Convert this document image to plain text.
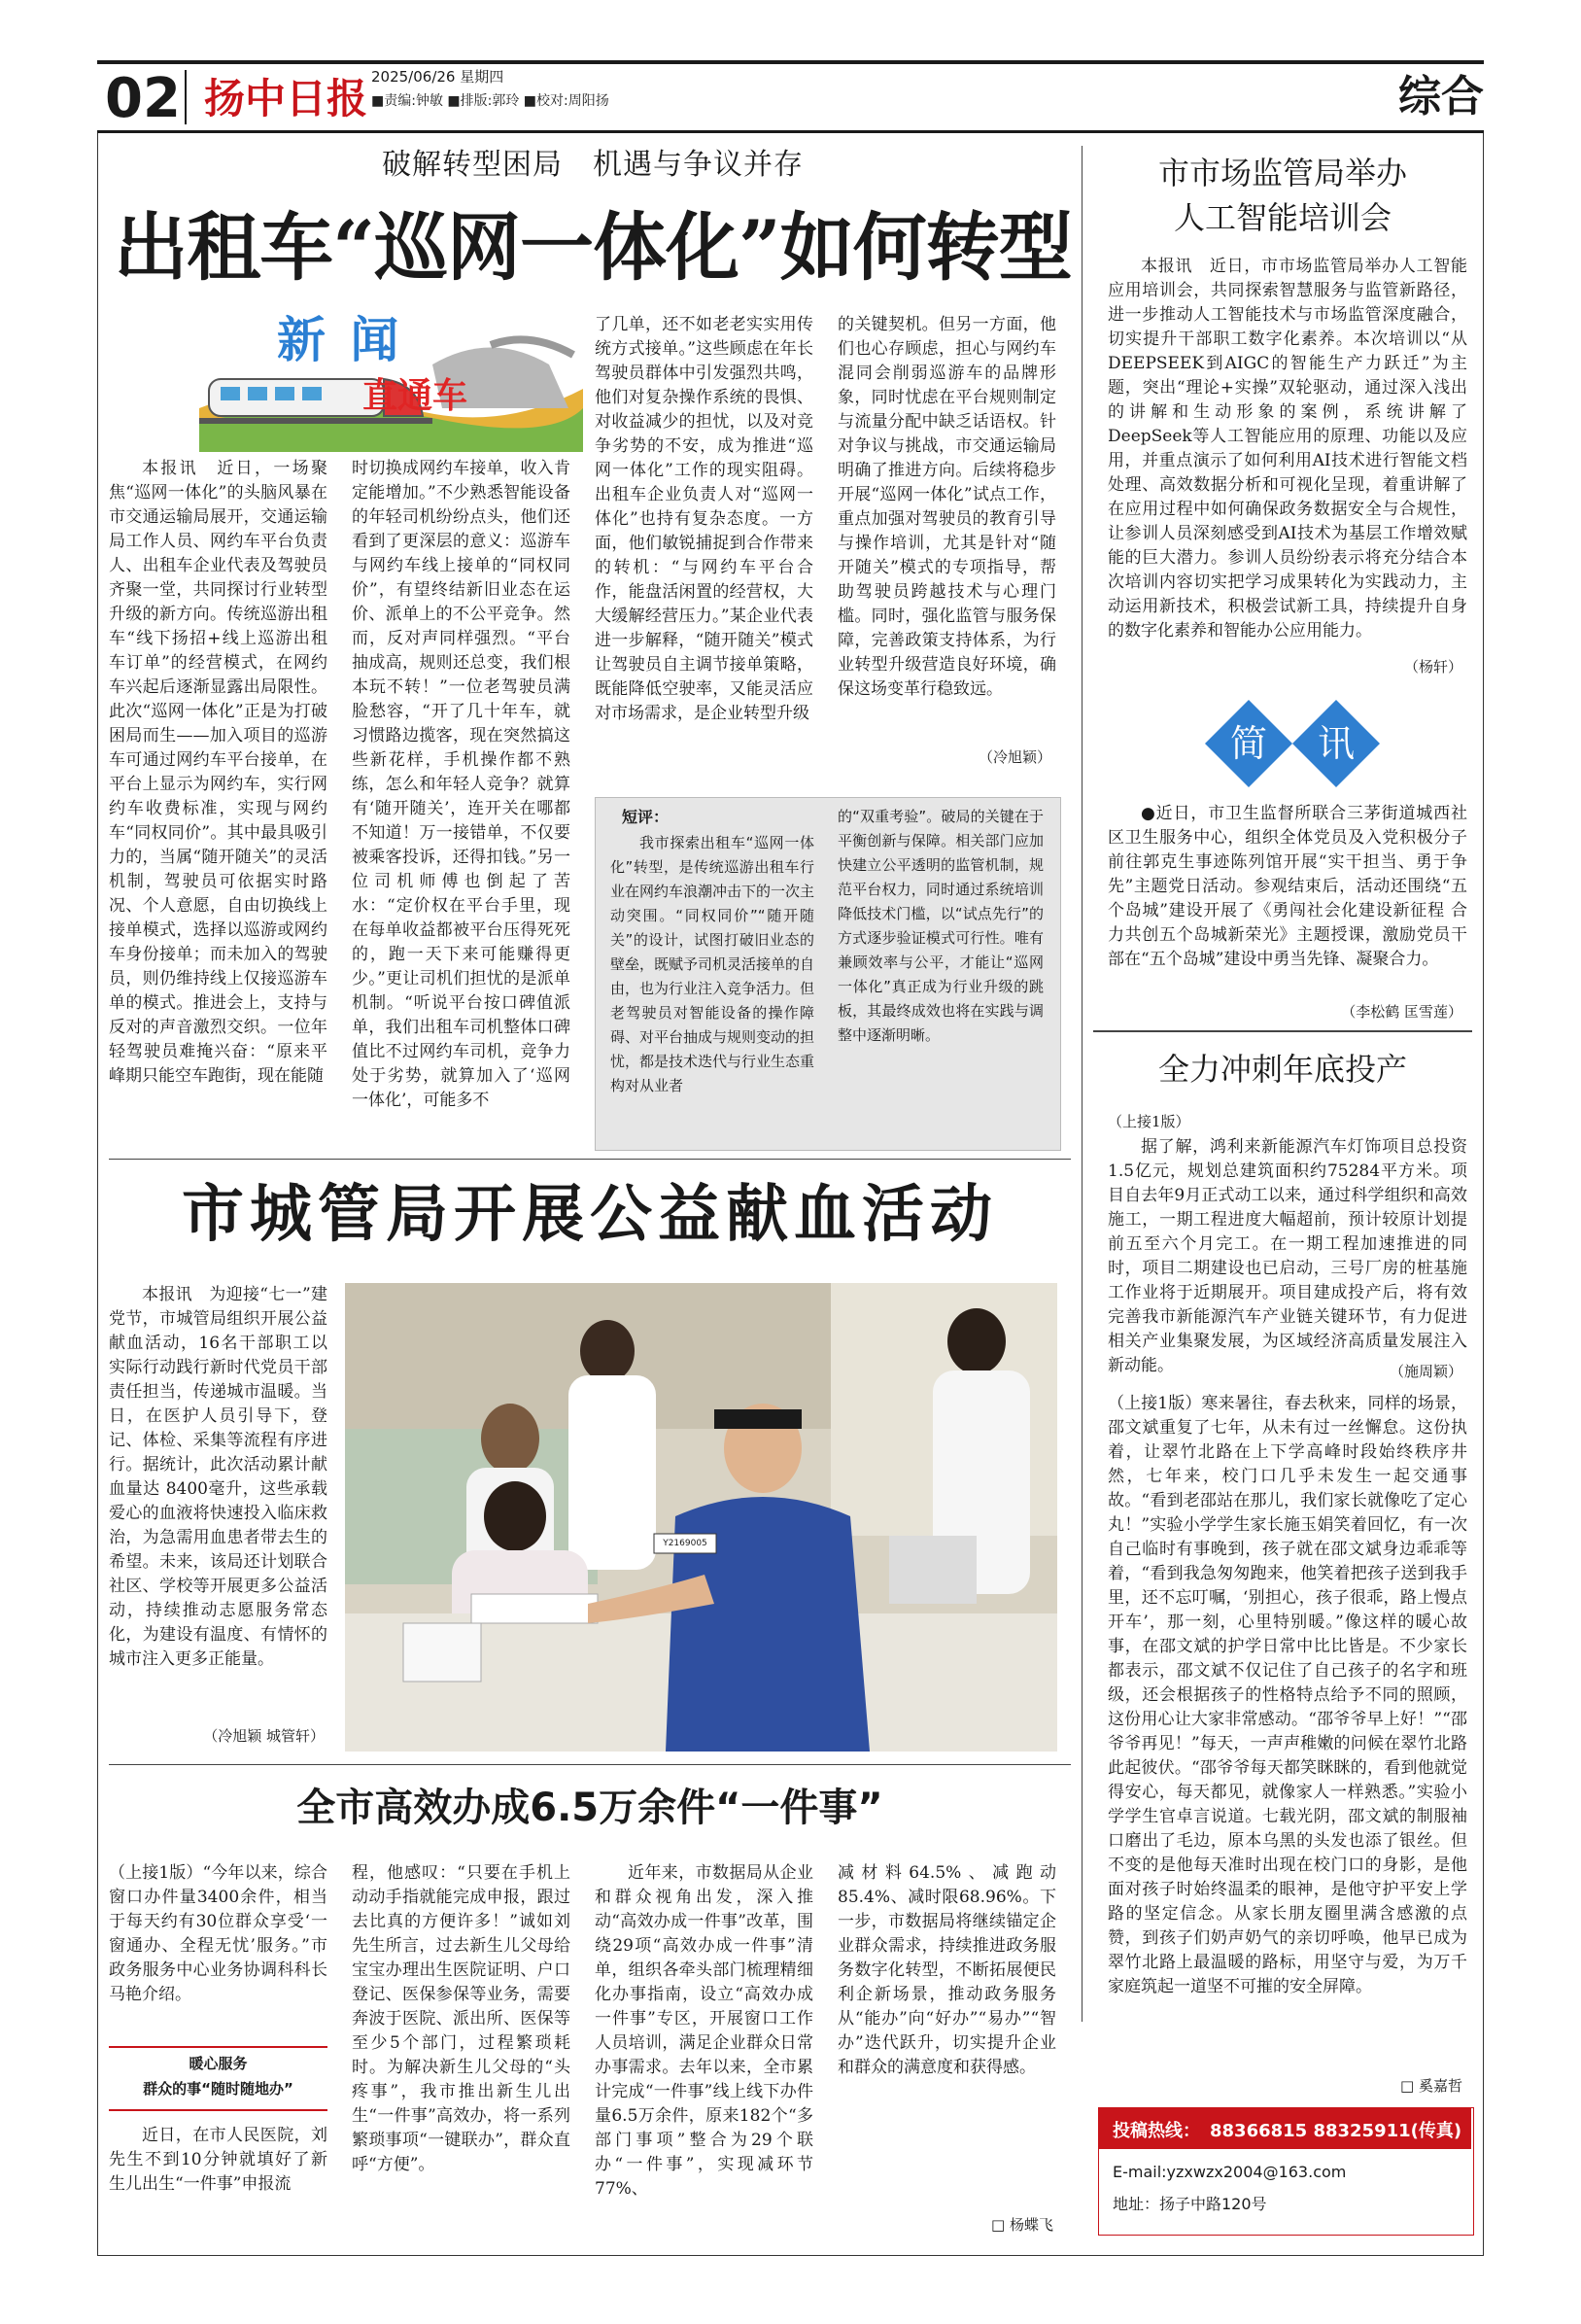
02 扬中日报 2025/06/26 星期四
■责编:钟敏 ■排版:郭玲 ■校对:周阳扬	综合
破解转型困局　机遇与争议并存
出租车“巡网一体化”如何转型
新 闻
直通车

本报讯　近日，一场聚焦“巡网一体化”的头脑风暴在市交通运输局展开，交通运输局工作人员、网约车平台负责人、出租车企业代表及驾驶员齐聚一堂，共同探讨行业转型升级的新方向。传统巡游出租车“线下扬招+线上巡游出租车订单”的经营模式，在网约车兴起后逐渐显露出局限性。此次“巡网一体化”正是为打破困局而生——加入项目的巡游车可通过网约车平台接单，在平台上显示为网约车，实行网约车收费标准，实现与网约车“同权同价”。其中最具吸引力的，当属“随开随关”的灵活机制，驾驶员可依据实时路况、个人意愿，自由切换线上接单模式，选择以巡游或网约车身份接单；而未加入的驾驶员，则仍维持线上仅接巡游车单的模式。推进会上，支持与反对的声音激烈交织。一位年轻驾驶员难掩兴奋：“原来平峰期只能空车跑街，现在能随

时切换成网约车接单，收入肯定能增加。”不少熟悉智能设备的年轻司机纷纷点头，他们还看到了更深层的意义：巡游车与网约车线上接单的“同权同价”，有望终结新旧业态在运价、派单上的不公平竞争。然而，反对声同样强烈。“平台抽成高，规则还总变，我们根本玩不转！”一位老驾驶员满脸愁容，“开了几十年车，就习惯路边揽客，现在突然搞这些新花样，手机操作都不熟练，怎么和年轻人竞争？就算有‘随开随关’，连开关在哪都不知道！万一接错单，不仅要被乘客投诉，还得扣钱。”另一位司机师傅也倒起了苦水：“定价权在平台手里，现在每单收益都被平台压得死死的，跑一天下来可能赚得更少。”更让司机们担忧的是派单机制。“听说平台按口碑值派单，我们出租车司机整体口碑值比不过网约车司机，竞争力处于劣势，就算加入了‘巡网一体化’，可能多不

了几单，还不如老老实实用传统方式接单。”这些顾虑在年长驾驶员群体中引发强烈共鸣，他们对复杂操作系统的畏惧、对收益减少的担忧，以及对竞争劣势的不安，成为推进“巡网一体化”工作的现实阻碍。出租车企业负责人对“巡网一体化”也持有复杂态度。一方面，他们敏锐捕捉到合作带来的转机：“与网约车平台合作，能盘活闲置的经营权，大大缓解经营压力。”某企业代表进一步解释，“随开随关”模式让驾驶员自主调节接单策略，既能降低空驶率，又能灵活应对市场需求，是企业转型升级

的关键契机。但另一方面，他们也心存顾虑，担心与网约车混同会削弱巡游车的品牌形象，同时忧虑在平台规则制定与流量分配中缺乏话语权。针对争议与挑战，市交通运输局明确了推进方向。后续将稳步开展“巡网一体化”试点工作，重点加强对驾驶员的教育引导与操作培训，尤其是针对“随开随关”模式的专项指导，帮助驾驶员跨越技术与心理门槛。同时，强化监管与服务保障，完善政策支持体系，为行业转型升级营造良好环境，确保这场变革行稳致远。

（冷旭颖）
短评：
我市探索出租车“巡网一体化”转型，是传统巡游出租车行业在网约车浪潮冲击下的一次主动突围。“同权同价”“随开随关”的设计，试图打破旧业态的壁垒，既赋予司机灵活接单的自由，也为行业注入竞争活力。但老驾驶员对智能设备的操作障碍、对平台抽成与规则变动的担忧，都是技术迭代与行业生态重构对从业者
的“双重考验”。破局的关键在于平衡创新与保障。相关部门应加快建立公平透明的监管机制，规范平台权力，同时通过系统培训降低技术门槛，以“试点先行”的方式逐步验证模式可行性。唯有兼顾效率与公平，才能让“巡网一体化”真正成为行业升级的跳板，其最终成效也将在实践与调整中逐渐明晰。
市城管局开展公益献血活动

本报讯　为迎接“七一”建党节，市城管局组织开展公益献血活动，16名干部职工以实际行动践行新时代党员干部责任担当，传递城市温暖。当日，在医护人员引导下，登记、体检、采集等流程有序进行。据统计，此次活动累计献血量达 8400毫升，这些承载爱心的血液将快速投入临床救治，为急需用血患者带去生的希望。未来，该局还计划联合社区、学校等开展更多公益活动，持续推动志愿服务常态化，为建设有温度、有情怀的城市注入更多正能量。

（冷旭颖 城管轩）
Y2169005
全市高效办成6.5万余件“一件事”

（上接1版）“今年以来，综合窗口办件量3400余件，相当于每天约有30位群众享受‘一窗通办、全程无忧’服务。”市政务服务中心业务协调科科长马艳介绍。

暖心服务
群众的事“随时随地办”

近日，在市人民医院，刘先生不到10分钟就填好了新生儿出生“一件事”申报流

程，他感叹：“只要在手机上动动手指就能完成申报，跟过去比真的方便许多！”诚如刘先生所言，过去新生儿父母给宝宝办理出生医院证明、户口登记、医保参保等业务，需要奔波于医院、派出所、医保等至少5个部门，过程繁琐耗时。为解决新生儿父母的“头疼事”，我市推出新生儿出生“一件事”高效办，将一系列繁琐事项“一键联办”，群众直呼“方便”。

近年来，市数据局从企业和群众视角出发，深入推动“高效办成一件事”改革，围绕29项“高效办成一件事”清单，组织各牵头部门梳理精细化办事指南，设立“高效办成一件事”专区，开展窗口工作人员培训，满足企业群众日常办事需求。去年以来，全市累计完成“一件事”线上线下办件量6.5万余件，原来182个“多部门事项”整合为29个联办“一件事”，实现减环节77%、

减材料64.5%、减跑动85.4%、减时限68.96%。下一步，市数据局将继续锚定企业群众需求，持续推进政务服务数字化转型，不断拓展便民利企新场景，推动政务服务从“能办”向“好办”“易办”“智办”迭代跃升，切实提升企业和群众的满意度和获得感。

□ 杨蝶飞
市市场监管局举办
人工智能培训会

本报讯　近日，市市场监管局举办人工智能应用培训会，共同探索智慧服务与监管新路径，进一步推动人工智能技术与市场监管深度融合，切实提升干部职工数字化素养。本次培训以“从DEEPSEEK到AIGC的智能生产力跃迁”为主题，突出“理论+实操”双轮驱动，通过深入浅出的讲解和生动形象的案例，系统讲解了DeepSeek等人工智能应用的原理、功能以及应用，并重点演示了如何利用AI技术进行智能文档处理、高效数据分析和可视化呈现，着重讲解了在应用过程中如何确保政务数据安全与合规性，让参训人员深刻感受到AI技术为基层工作增效赋能的巨大潜力。参训人员纷纷表示将充分结合本次培训内容切实把学习成果转化为实践动力，主动运用新技术，积极尝试新工具，持续提升自身的数字化素养和智能办公应用能力。

（杨轩）
简 讯

●近日，市卫生监督所联合三茅街道城西社区卫生服务中心，组织全体党员及入党积极分子前往郭克生事迹陈列馆开展“实干担当、勇于争先”主题党日活动。参观结束后，活动还围绕“五个岛城”建设开展了《勇闯社会化建设新征程 合力共创五个岛城新荣光》主题授课，激励党员干部在“五个岛城”建设中勇当先锋、凝聚合力。

（李松鹤 匡雪莲）
全力冲刺年底投产
（上接1版）

据了解，鸿利来新能源汽车灯饰项目总投资1.5亿元，规划总建筑面积约75284平方米。项目自去年9月正式动工以来，通过科学组织和高效施工，一期工程进度大幅超前，预计较原计划提前五至六个月完工。在一期工程加速推进的同时，项目二期建设也已启动，三号厂房的桩基施工作业将于近期展开。项目建成投产后，将有效完善我市新能源汽车产业链关键环节，有力促进相关产业集聚发展，为区域经济高质量发展注入新动能。	（施周颖）

（上接1版）寒来暑往，春去秋来，同样的场景，邵文斌重复了七年，从未有过一丝懈怠。这份执着，让翠竹北路在上下学高峰时段始终秩序井然，七年来，校门口几乎未发生一起交通事故。“看到老邵站在那儿，我们家长就像吃了定心丸！”实验小学学生家长施玉娟笑着回忆，有一次自己临时有事晚到，孩子就在邵文斌身边乖乖等着，“看到我急匆匆跑来，他笑着把孩子送到我手里，还不忘叮嘱，‘别担心，孩子很乖，路上慢点开车’，那一刻，心里特别暖。”像这样的暖心故事，在邵文斌的护学日常中比比皆是。不少家长都表示，邵文斌不仅记住了自己孩子的名字和班级，还会根据孩子的性格特点给予不同的照顾，这份用心让大家非常感动。“邵爷爷早上好！”“邵爷爷再见！”每天，一声声稚嫩的问候在翠竹北路此起彼伏。“邵爷爷每天都笑眯眯的，看到他就觉得安心，每天都见，就像家人一样熟悉。”实验小学学生官卓言说道。七载光阴，邵文斌的制服袖口磨出了毛边，原本乌黑的头发也添了银丝。但不变的是他每天准时出现在校门口的身影，是他面对孩子时始终温柔的眼神，是他守护平安上学路的坚定信念。从家长朋友圈里满含感激的点赞，到孩子们奶声奶气的亲切呼唤，他早已成为翠竹北路上最温暖的路标，用坚守与爱，为万千家庭筑起一道坚不可摧的安全屏障。

□ 奚嘉哲
投稿热线： 88366815 88325911(传真)
E-mail:yzxwzx2004@163.com
地址：扬子中路120号
